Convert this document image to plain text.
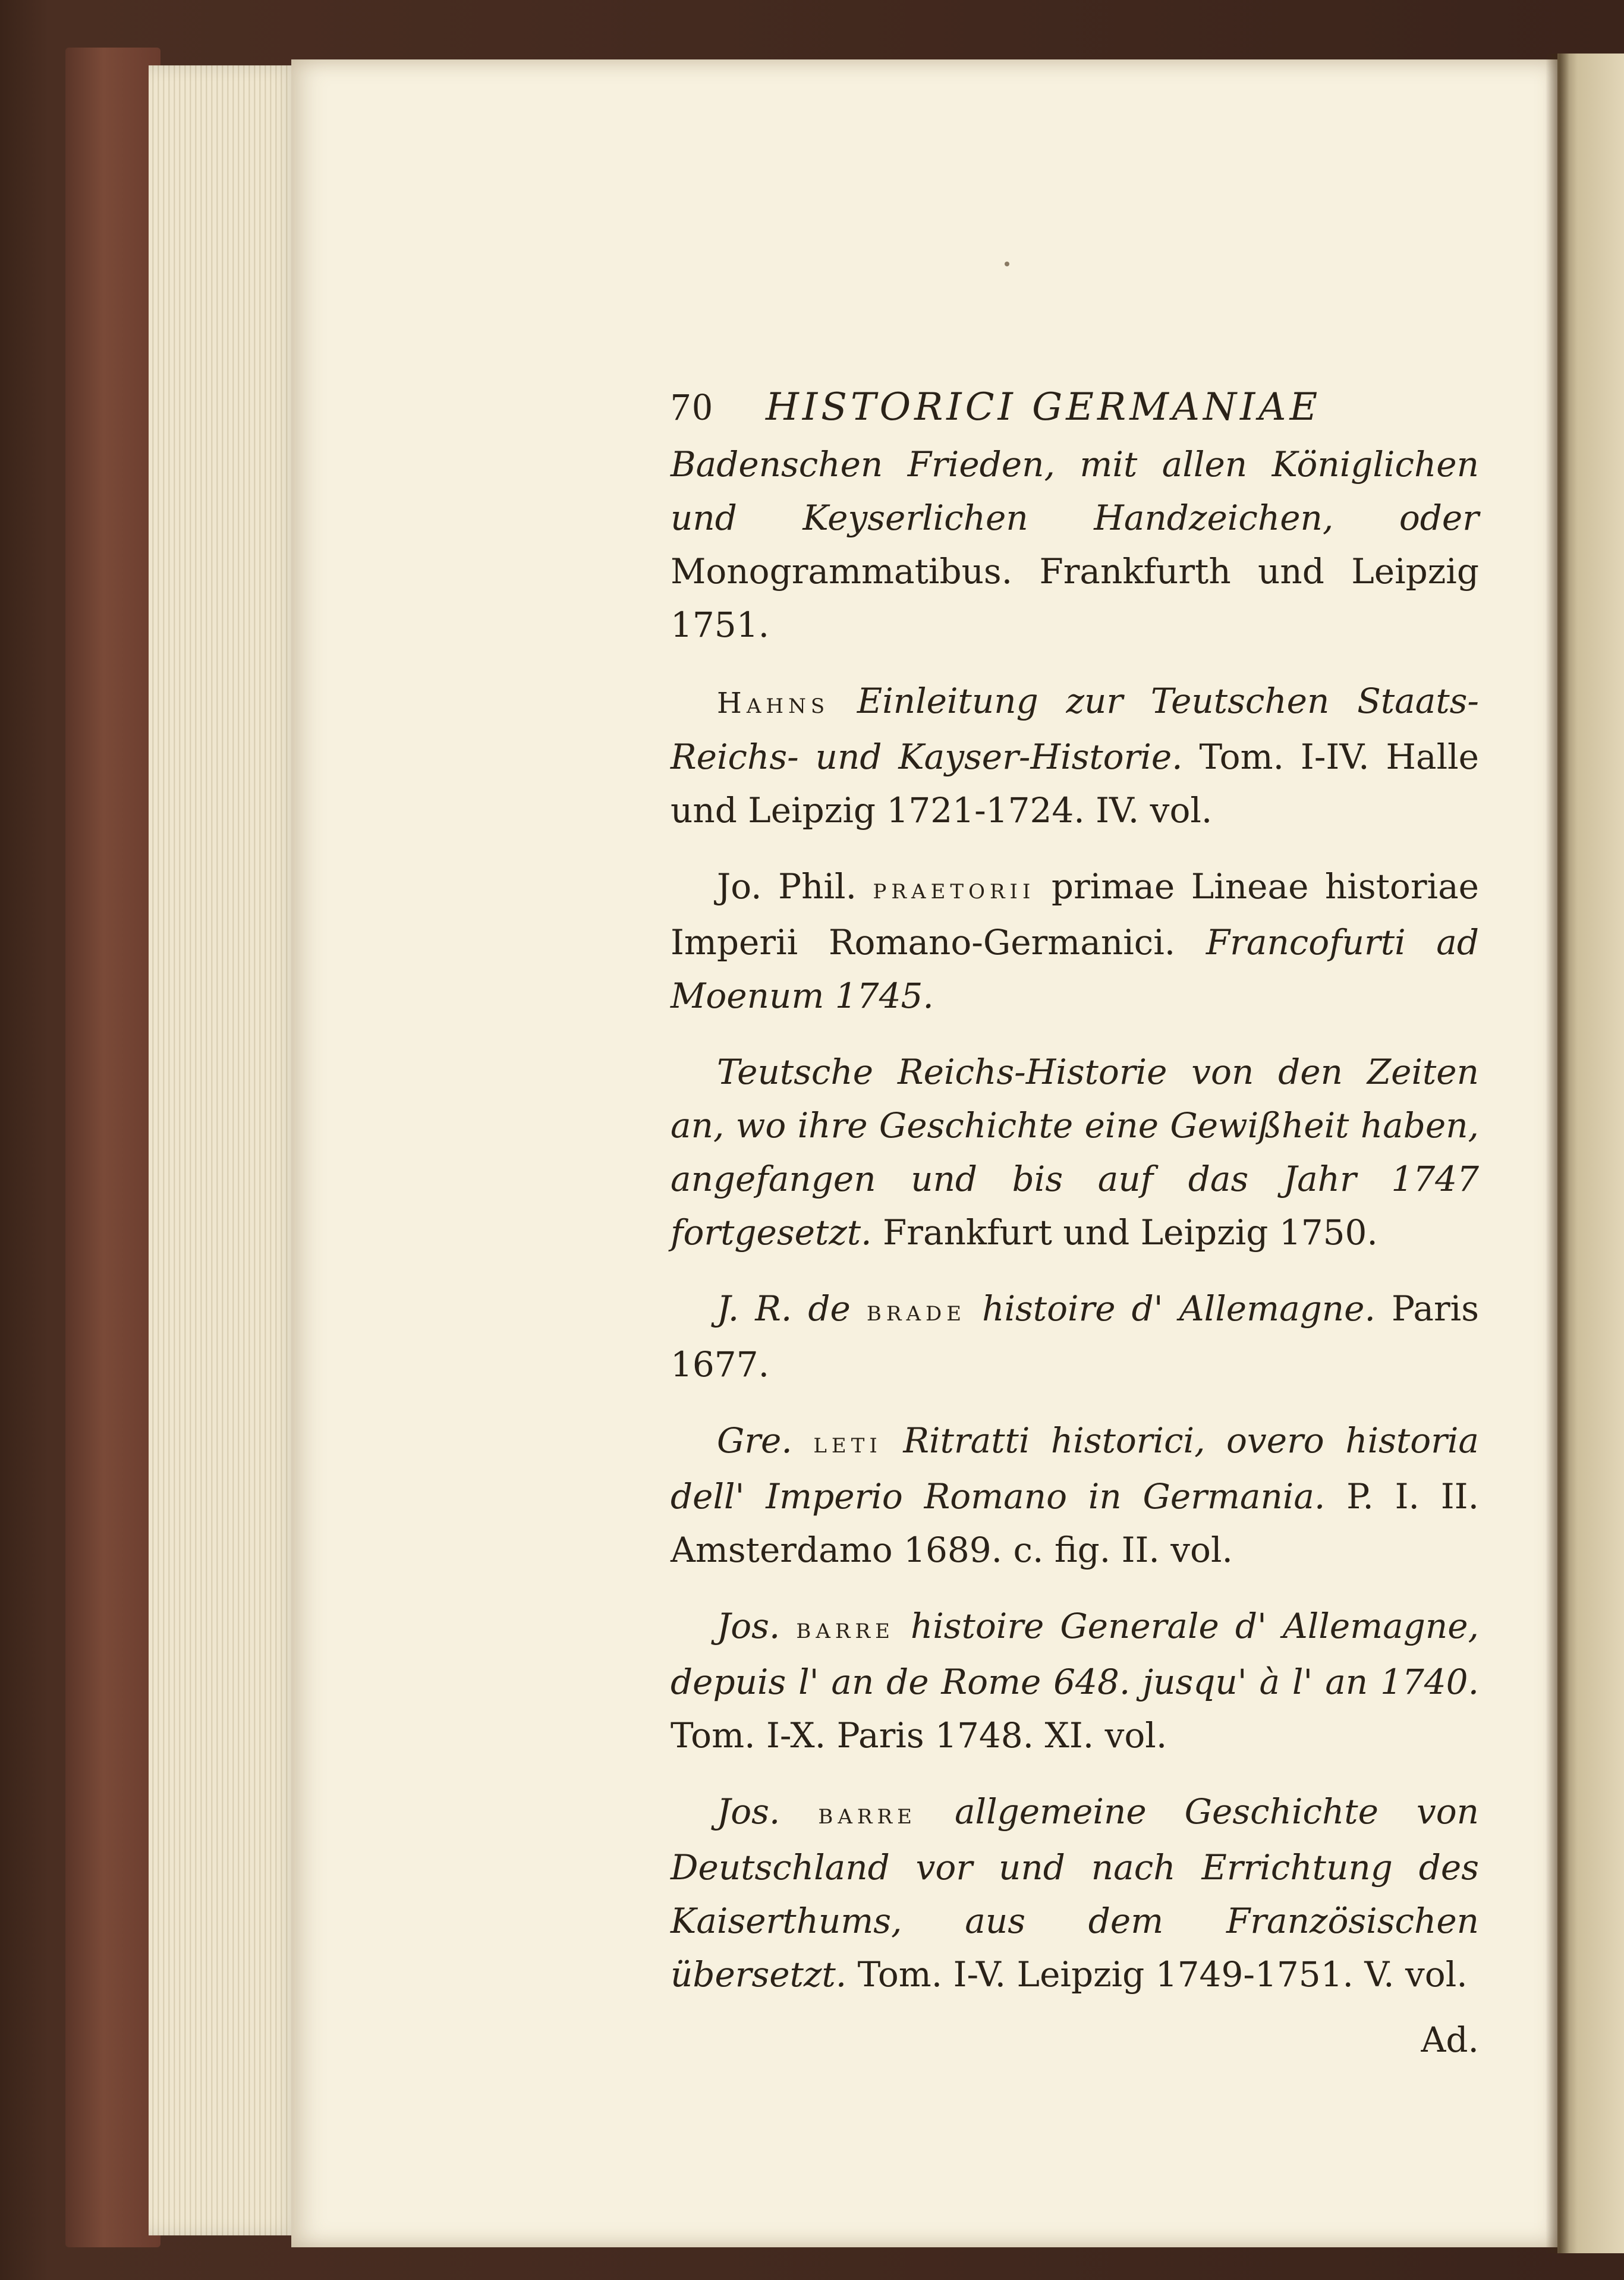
70 HISTORICI GERMANIAE

Badenschen Frieden, mit allen Königlichen und Keyserlichen Handzeichen, oder Monogrammatibus. Frankfurth und Leipzig 1751.

Hahns Einleitung zur Teutschen Staats-Reichs- und Kayser-Historie. Tom. I-IV. Halle und Leipzig 1721-1724. IV. vol.

Jo. Phil. praetorii primae Lineae historiae Imperii Romano-Germanici. Francofurti ad Moenum 1745.

Teutsche Reichs-Historie von den Zeiten an, wo ihre Geschichte eine Gewißheit haben, angefangen und bis auf das Jahr 1747 fortgesetzt. Frankfurt und Leipzig 1750.

J. R. de brade histoire d' Allemagne. Paris 1677.

Gre. leti Ritratti historici, overo historia dell' Imperio Romano in Germania. P. I. II. Amsterdamo 1689. c. fig. II. vol.

Jos. barre histoire Generale d' Allemagne, depuis l' an de Rome 648. jusqu' à l' an 1740. Tom. I-X. Paris 1748. XI. vol.

Jos. barre allgemeine Geschichte von Deutschland vor und nach Errichtung des Kaiserthums, aus dem Französischen übersetzt. Tom. I-V. Leipzig 1749-1751. V. vol.

Ad.
